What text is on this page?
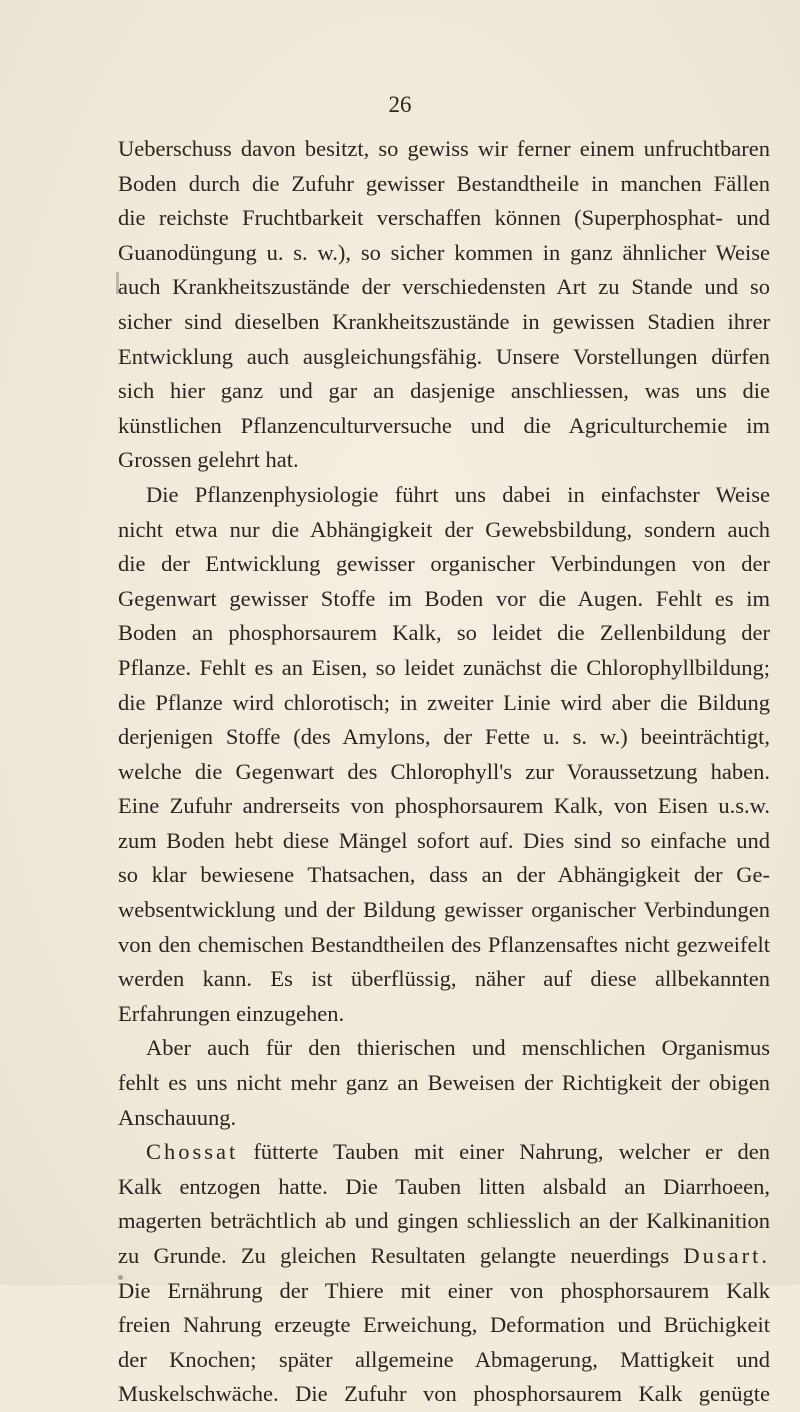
26
Ueberschuss davon besitzt, so gewiss wir ferner einem unfruchtbaren
Boden durch die Zufuhr gewisser Bestandtheile in manchen Fällen
die reichste Fruchtbarkeit verschaffen können (Superphosphat- und
Guanodüngung u. s. w.), so sicher kommen in ganz ähnlicher Weise
auch Krankheitszustände der verschiedensten Art zu Stande und so
sicher sind dieselben Krankheitszustände in gewissen Stadien ihrer
Entwicklung auch ausgleichungsfähig. Unsere Vorstellungen dürfen
sich hier ganz und gar an dasjenige anschliessen, was uns die
künstlichen Pflanzenculturversuche und die Agriculturchemie im
Grossen gelehrt hat.
Die Pflanzenphysiologie führt uns dabei in einfachster Weise
nicht etwa nur die Abhängigkeit der Gewebsbildung, sondern auch
die der Entwicklung gewisser organischer Verbindungen von der
Gegenwart gewisser Stoffe im Boden vor die Augen. Fehlt es im
Boden an phosphorsaurem Kalk, so leidet die Zellenbildung der
Pflanze. Fehlt es an Eisen, so leidet zunächst die Chlorophyllbildung;
die Pflanze wird chlorotisch; in zweiter Linie wird aber die Bildung
derjenigen Stoffe (des Amylons, der Fette u. s. w.) beeinträchtigt,
welche die Gegenwart des Chlorophyll's zur Voraussetzung haben.
Eine Zufuhr andrerseits von phosphorsaurem Kalk, von Eisen u.s.w.
zum Boden hebt diese Mängel sofort auf. Dies sind so einfache und
so klar bewiesene Thatsachen, dass an der Abhängigkeit der Ge-
websentwicklung und der Bildung gewisser organischer Verbindungen
von den chemischen Bestandtheilen des Pflanzensaftes nicht gezweifelt
werden kann. Es ist überflüssig, näher auf diese allbekannten
Erfahrungen einzugehen.
Aber auch für den thierischen und menschlichen Organismus
fehlt es uns nicht mehr ganz an Beweisen der Richtigkeit der obigen
Anschauung.
Chossat fütterte Tauben mit einer Nahrung, welcher er den
Kalk entzogen hatte. Die Tauben litten alsbald an Diarrhoeen,
magerten beträchtlich ab und gingen schliesslich an der Kalkinanition
zu Grunde. Zu gleichen Resultaten gelangte neuerdings Dusart.
Die Ernährung der Thiere mit einer von phosphorsaurem Kalk
freien Nahrung erzeugte Erweichung, Deformation und Brüchigkeit
der Knochen; später allgemeine Abmagerung, Mattigkeit und
Muskelschwäche. Die Zufuhr von phosphorsaurem Kalk genügte
